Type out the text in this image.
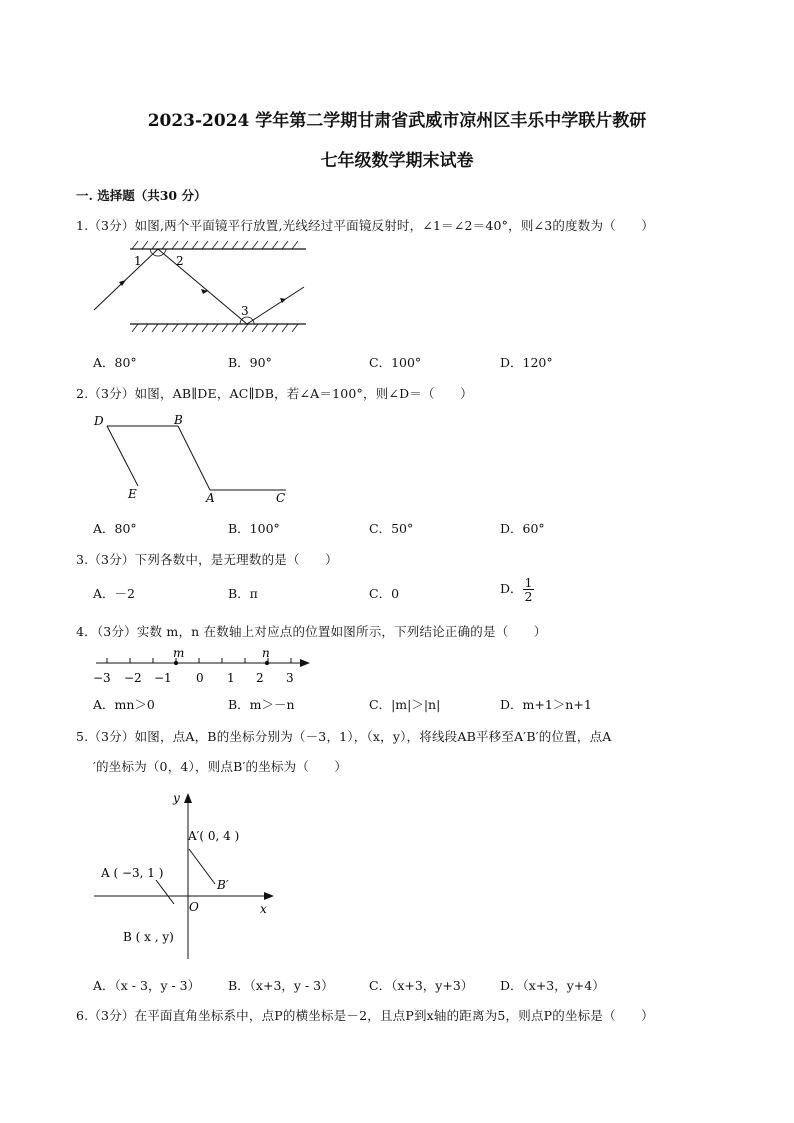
2023-2024 学年第二学期甘肃省武威市凉州区丰乐中学联片教研
七年级数学期末试卷
一. 选择题（共30 分）
1.（3分）如图,两个平面镜平行放置,光线经过平面镜反射时，∠1＝∠2＝40°，则∠3的度数为（　　）
1	2
3
A．80°	B．90°	C．100°	D．120°
2.（3分）如图，AB∥DE，AC∥DB，若∠A＝100°，则∠D＝（　　）
D	B
E	A	C
A．80°	B．100°	C．50°	D．60°
3.（3分）下列各数中，是无理数的是（　　）
A．－2	B．π	C．0	D． $\frac{1}{2}$
4．（3分）实数 m，n 在数轴上对应点的位置如图所示，下列结论正确的是（　　）
m	n
−3 −2 −1 0 1 2 3
A．mn＞0	B．m＞－n	C．|m|＞|n|	D．m+1＞n+1
5.（3分）如图，点A，B的坐标分别为（－3，1），（x，y），将线段AB平移至A′B′的位置，点A
′的坐标为（0，4），则点B′的坐标为（　　）
y
x
O
A′( 0, 4 )
A ( −3, 1 )
B′
B ( x , y)
A．（x - 3，y - 3） B．（x+3，y - 3）	C．（x+3，y+3） D．（x+3，y+4）
6.（3分）在平面直角坐标系中，点P的横坐标是－2，且点P到x轴的距离为5，则点P的坐标是（　　）
